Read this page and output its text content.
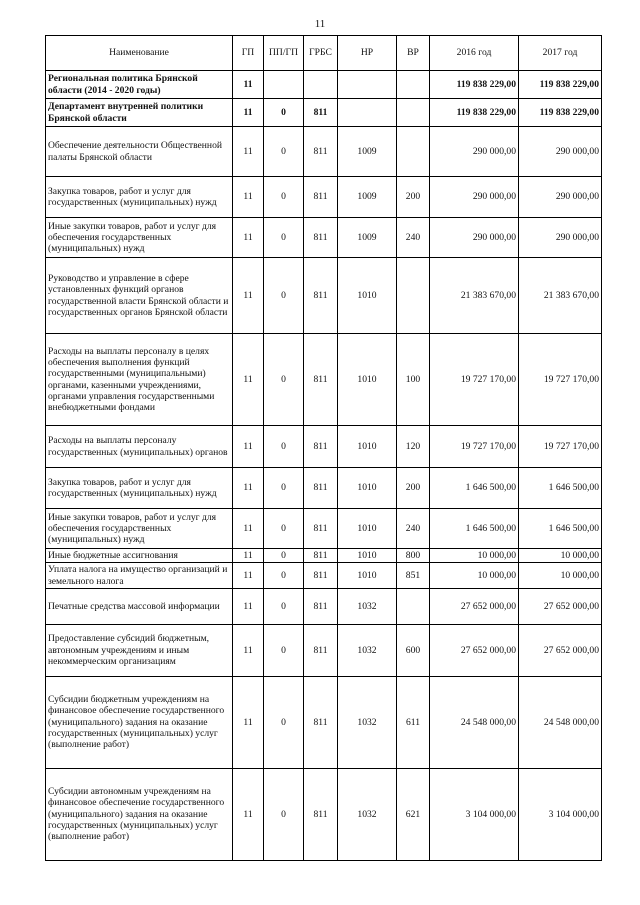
11
Наименование	ГП	ПП/ГП	ГРБС	НР	ВР	2016 год	2017 год
Региональная политика Брянской области (2014 - 2020 годы)	11					119 838 229,00	119 838 229,00
Департамент внутренней политики Брянской области	11	0	811			119 838 229,00	119 838 229,00
Обеспечение деятельности Общественной палаты Брянской области	11	0	811	1009		290 000,00	290 000,00
Закупка товаров, работ и услуг для государственных (муниципальных) нужд	11	0	811	1009	200	290 000,00	290 000,00
Иные закупки товаров, работ и услуг для обеспечения государственных (муниципальных) нужд	11	0	811	1009	240	290 000,00	290 000,00
Руководство и управление в сфере установленных функций органов государственной власти Брянской области и государственных органов Брянской области	11	0	811	1010		21 383 670,00	21 383 670,00
Расходы на выплаты персоналу в целях обеспечения выполнения функций государственными (муниципальными) органами, казенными учреждениями, органами управления государственными внебюджетными фондами	11	0	811	1010	100	19 727 170,00	19 727 170,00
Расходы на выплаты персоналу государственных (муниципальных) органов	11	0	811	1010	120	19 727 170,00	19 727 170,00
Закупка товаров, работ и услуг для государственных (муниципальных) нужд	11	0	811	1010	200	1 646 500,00	1 646 500,00
Иные закупки товаров, работ и услуг для обеспечения государственных (муниципальных) нужд	11	0	811	1010	240	1 646 500,00	1 646 500,00
Иные бюджетные ассигнования	11	0	811	1010	800	10 000,00	10 000,00
Уплата налога на имущество организаций и земельного налога	11	0	811	1010	851	10 000,00	10 000,00
Печатные средства массовой информации	11	0	811	1032		27 652 000,00	27 652 000,00
Предоставление субсидий бюджетным, автономным учреждениям и иным некоммерческим организациям	11	0	811	1032	600	27 652 000,00	27 652 000,00
Субсидии бюджетным учреждениям на финансовое обеспечение государственного (муниципального) задания на оказание государственных (муниципальных) услуг (выполнение работ)	11	0	811	1032	611	24 548 000,00	24 548 000,00
Субсидии автономным учреждениям на финансовое обеспечение государственного (муниципального) задания на оказание государственных (муниципальных) услуг (выполнение работ)	11	0	811	1032	621	3 104 000,00	3 104 000,00
